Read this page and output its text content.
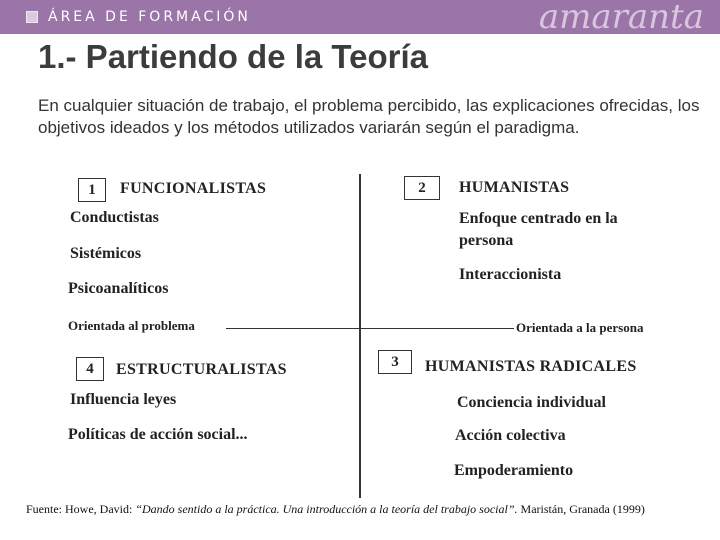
ÁREA DE FORMACIÓN	amaranta
1.- Partiendo de la Teoría

En cualquier situación de trabajo, el problema percibido, las explicaciones ofrecidas, los objetivos ideados y los métodos utilizados variarán según el paradigma.

Orientada al problema	Orientada a la persona
1	FUNCIONALISTAS
Conductistas
Sistémicos
Psicoanalíticos
2	HUMANISTAS
Enfoque centrado en la
persona
Interaccionista
4	ESTRUCTURALISTAS
Influencia leyes
Políticas de acción social...
3	HUMANISTAS RADICALES
Conciencia individual
Acción colectiva
Empoderamiento
Fuente: Howe, David: “Dando sentido a la práctica. Una introducción a la teoría del trabajo social”. Maristán, Granada (1999)
